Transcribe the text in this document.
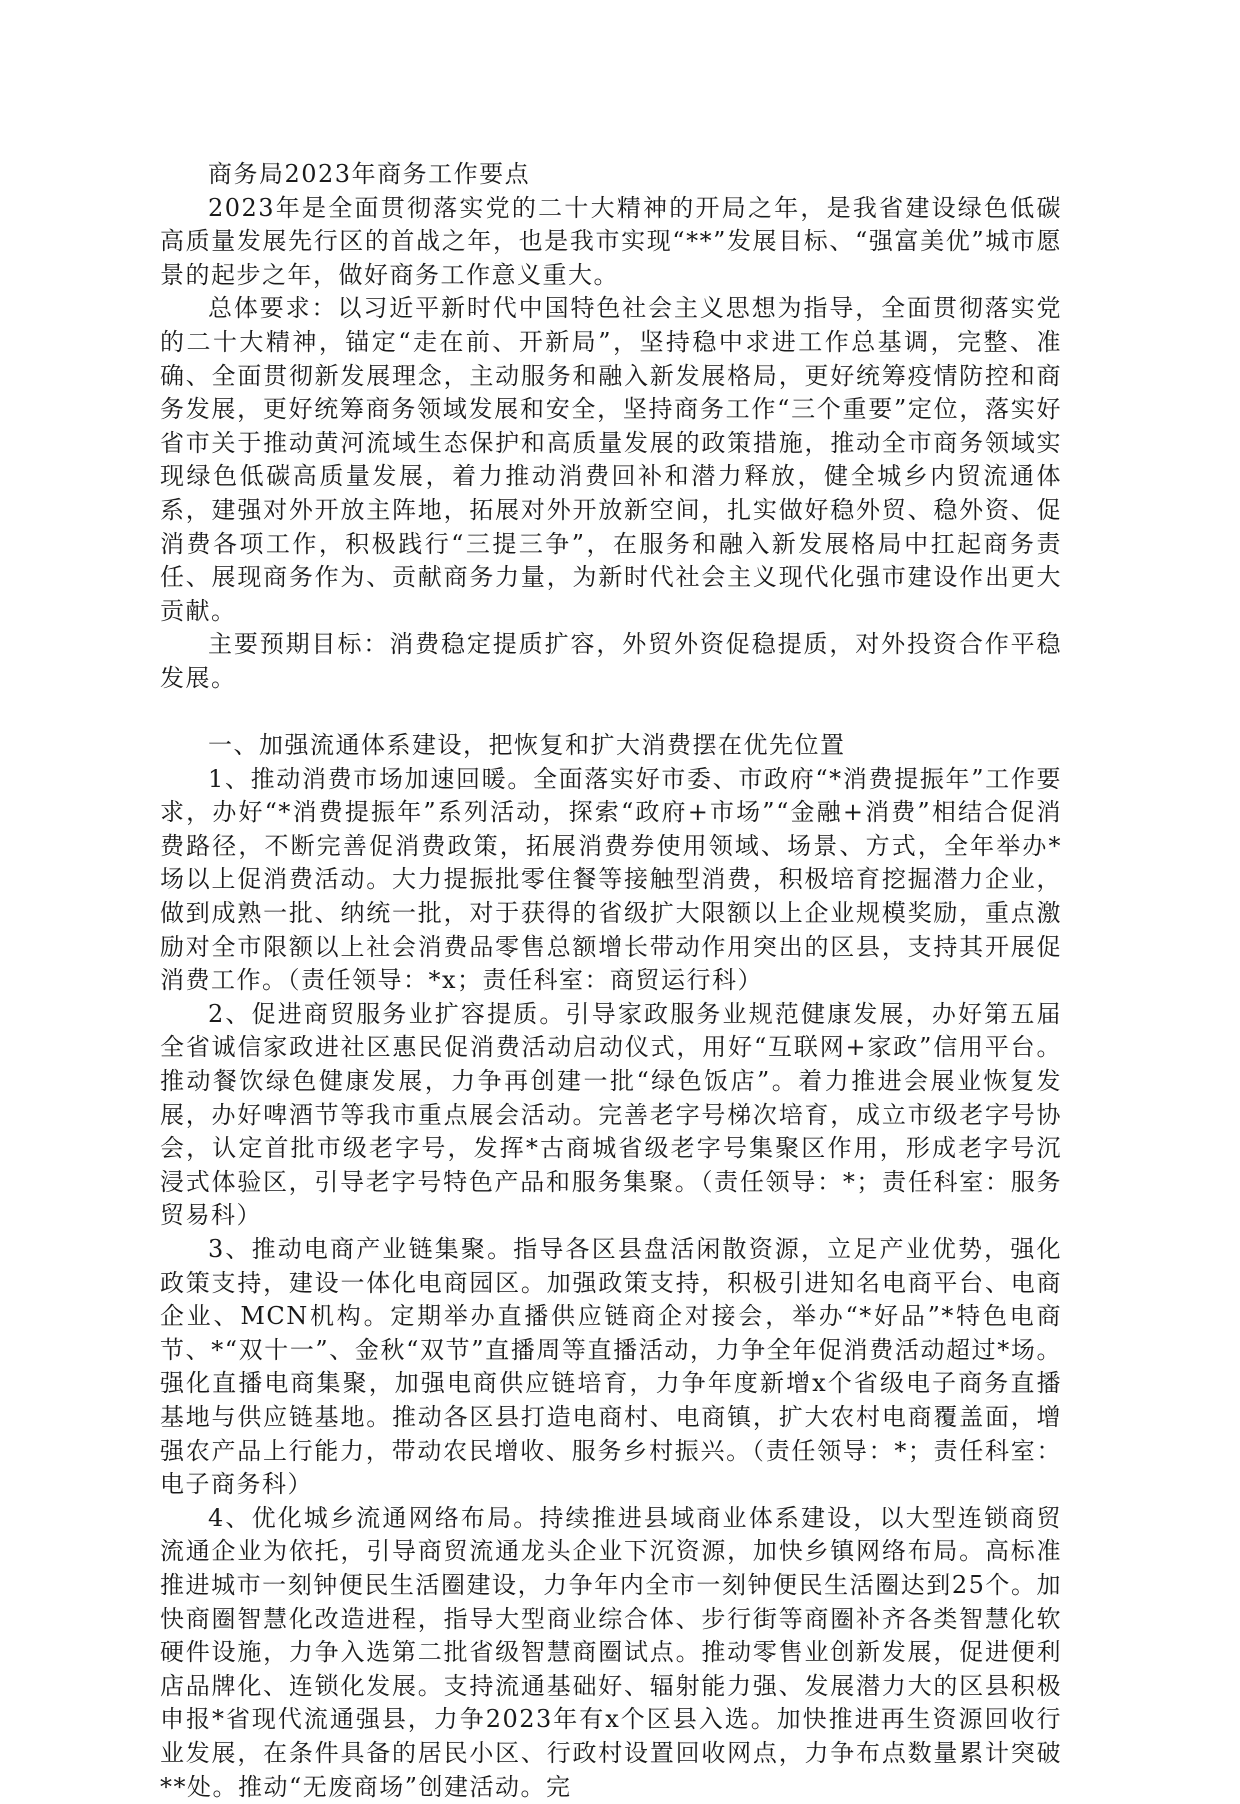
商务局2023年商务工作要点

2023年是全面贯彻落实党的二十大精神的开局之年，是我省建设绿色低碳高质量发展先行区的首战之年，也是我市实现“**”发展目标、“强富美优”城市愿景的起步之年，做好商务工作意义重大。

总体要求：以习近平新时代中国特色社会主义思想为指导，全面贯彻落实党的二十大精神，锚定“走在前、开新局”，坚持稳中求进工作总基调，完整、准确、全面贯彻新发展理念，主动服务和融入新发展格局，更好统筹疫情防控和商务发展，更好统筹商务领域发展和安全，坚持商务工作“三个重要”定位，落实好省市关于推动黄河流域生态保护和高质量发展的政策措施，推动全市商务领域实现绿色低碳高质量发展，着力推动消费回补和潜力释放，健全城乡内贸流通体系，建强对外开放主阵地，拓展对外开放新空间，扎实做好稳外贸、稳外资、促消费各项工作，积极践行“三提三争”，在服务和融入新发展格局中扛起商务责任、展现商务作为、贡献商务力量，为新时代社会主义现代化强市建设作出更大贡献。

主要预期目标：消费稳定提质扩容，外贸外资促稳提质，对外投资合作平稳发展。

一、加强流通体系建设，把恢复和扩大消费摆在优先位置

1、推动消费市场加速回暖。全面落实好市委、市政府“*消费提振年”工作要求，办好“*消费提振年”系列活动，探索“政府+市场”“金融+消费”相结合促消费路径，不断完善促消费政策，拓展消费券使用领域、场景、方式，全年举办*场以上促消费活动。大力提振批零住餐等接触型消费，积极培育挖掘潜力企业，做到成熟一批、纳统一批，对于获得的省级扩大限额以上企业规模奖励，重点激励对全市限额以上社会消费品零售总额增长带动作用突出的区县，支持其开展促消费工作。（责任领导：*x；责任科室：商贸运行科）

2、促进商贸服务业扩容提质。引导家政服务业规范健康发展，办好第五届全省诚信家政进社区惠民促消费活动启动仪式，用好“互联网+家政”信用平台。推动餐饮绿色健康发展，力争再创建一批“绿色饭店”。着力推进会展业恢复发展，办好啤酒节等我市重点展会活动。完善老字号梯次培育，成立市级老字号协会，认定首批市级老字号，发挥*古商城省级老字号集聚区作用，形成老字号沉浸式体验区，引导老字号特色产品和服务集聚。（责任领导：*；责任科室：服务贸易科）

3、推动电商产业链集聚。指导各区县盘活闲散资源，立足产业优势，强化政策支持，建设一体化电商园区。加强政策支持，积极引进知名电商平台、电商企业、MCN机构。定期举办直播供应链商企对接会，举办“*好品”*特色电商节、*“双十一”、金秋“双节”直播周等直播活动，力争全年促消费活动超过*场。强化直播电商集聚，加强电商供应链培育，力争年度新增x个省级电子商务直播基地与供应链基地。推动各区县打造电商村、电商镇，扩大农村电商覆盖面，增强农产品上行能力，带动农民增收、服务乡村振兴。（责任领导：*；责任科室：电子商务科）

4、优化城乡流通网络布局。持续推进县域商业体系建设，以大型连锁商贸流通企业为依托，引导商贸流通龙头企业下沉资源，加快乡镇网络布局。高标准推进城市一刻钟便民生活圈建设，力争年内全市一刻钟便民生活圈达到25个。加快商圈智慧化改造进程，指导大型商业综合体、步行街等商圈补齐各类智慧化软硬件设施，力争入选第二批省级智慧商圈试点。推动零售业创新发展，促进便利店品牌化、连锁化发展。支持流通基础好、辐射能力强、发展潜力大的区县积极申报*省现代流通强县，力争2023年有x个区县入选。加快推进再生资源回收行业发展，在条件具备的居民小区、行政村设置回收网点，力争布点数量累计突破**处。推动“无废商场”创建活动。完
